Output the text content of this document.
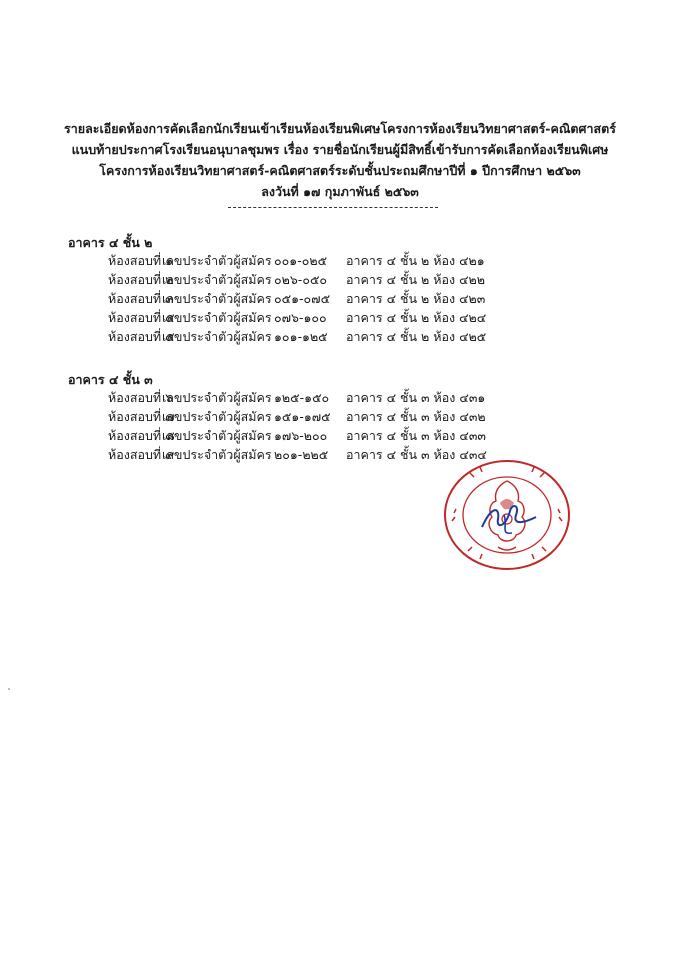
รายละเอียดห้องการคัดเลือกนักเรียนเข้าเรียนห้องเรียนพิเศษโครงการห้องเรียนวิทยาศาสตร์-คณิตศาสตร์
แนบท้ายประกาศโรงเรียนอนุบาลชุมพร เรื่อง รายชื่อนักเรียนผู้มีสิทธิ์เข้ารับการคัดเลือกห้องเรียนพิเศษ
โครงการห้องเรียนวิทยาศาสตร์-คณิตศาสตร์ระดับชั้นประถมศึกษาปีที่ ๑ ปีการศึกษา ๒๕๖๓
ลงวันที่ ๑๗ กุมภาพันธ์ ๒๕๖๓
อาคาร ๔ ชั้น ๒
ห้องสอบที่ ๑เลขประจำตัวผู้สมัคร ๐๐๑-๐๒๕ อาคาร ๔ ชั้น ๒ ห้อง ๔๒๑
ห้องสอบที่ ๒เลขประจำตัวผู้สมัคร ๐๒๖-๐๕๐ อาคาร ๔ ชั้น ๒ ห้อง ๔๒๒
ห้องสอบที่ ๓เลขประจำตัวผู้สมัคร ๐๕๑-๐๗๕ อาคาร ๔ ชั้น ๒ ห้อง ๔๒๓
ห้องสอบที่ ๔เลขประจำตัวผู้สมัคร ๐๗๖-๑๐๐ อาคาร ๔ ชั้น ๒ ห้อง ๔๒๔
ห้องสอบที่ ๕เลขประจำตัวผู้สมัคร ๑๐๑-๑๒๕ อาคาร ๔ ชั้น ๒ ห้อง ๔๒๕
อาคาร ๔ ชั้น ๓
ห้องสอบที่ ๖เลขประจำตัวผู้สมัคร ๑๒๕-๑๕๐ อาคาร ๔ ชั้น ๓ ห้อง ๔๓๑
ห้องสอบที่ ๗เลขประจำตัวผู้สมัคร ๑๕๑-๑๗๕ อาคาร ๔ ชั้น ๓ ห้อง ๔๓๒
ห้องสอบที่ ๘เลขประจำตัวผู้สมัคร ๑๗๖-๒๐๐ อาคาร ๔ ชั้น ๓ ห้อง ๔๓๓
ห้องสอบที่ ๙เลขประจำตัวผู้สมัคร ๒๐๑-๒๒๕ อาคาร ๔ ชั้น ๓ ห้อง ๔๓๔
